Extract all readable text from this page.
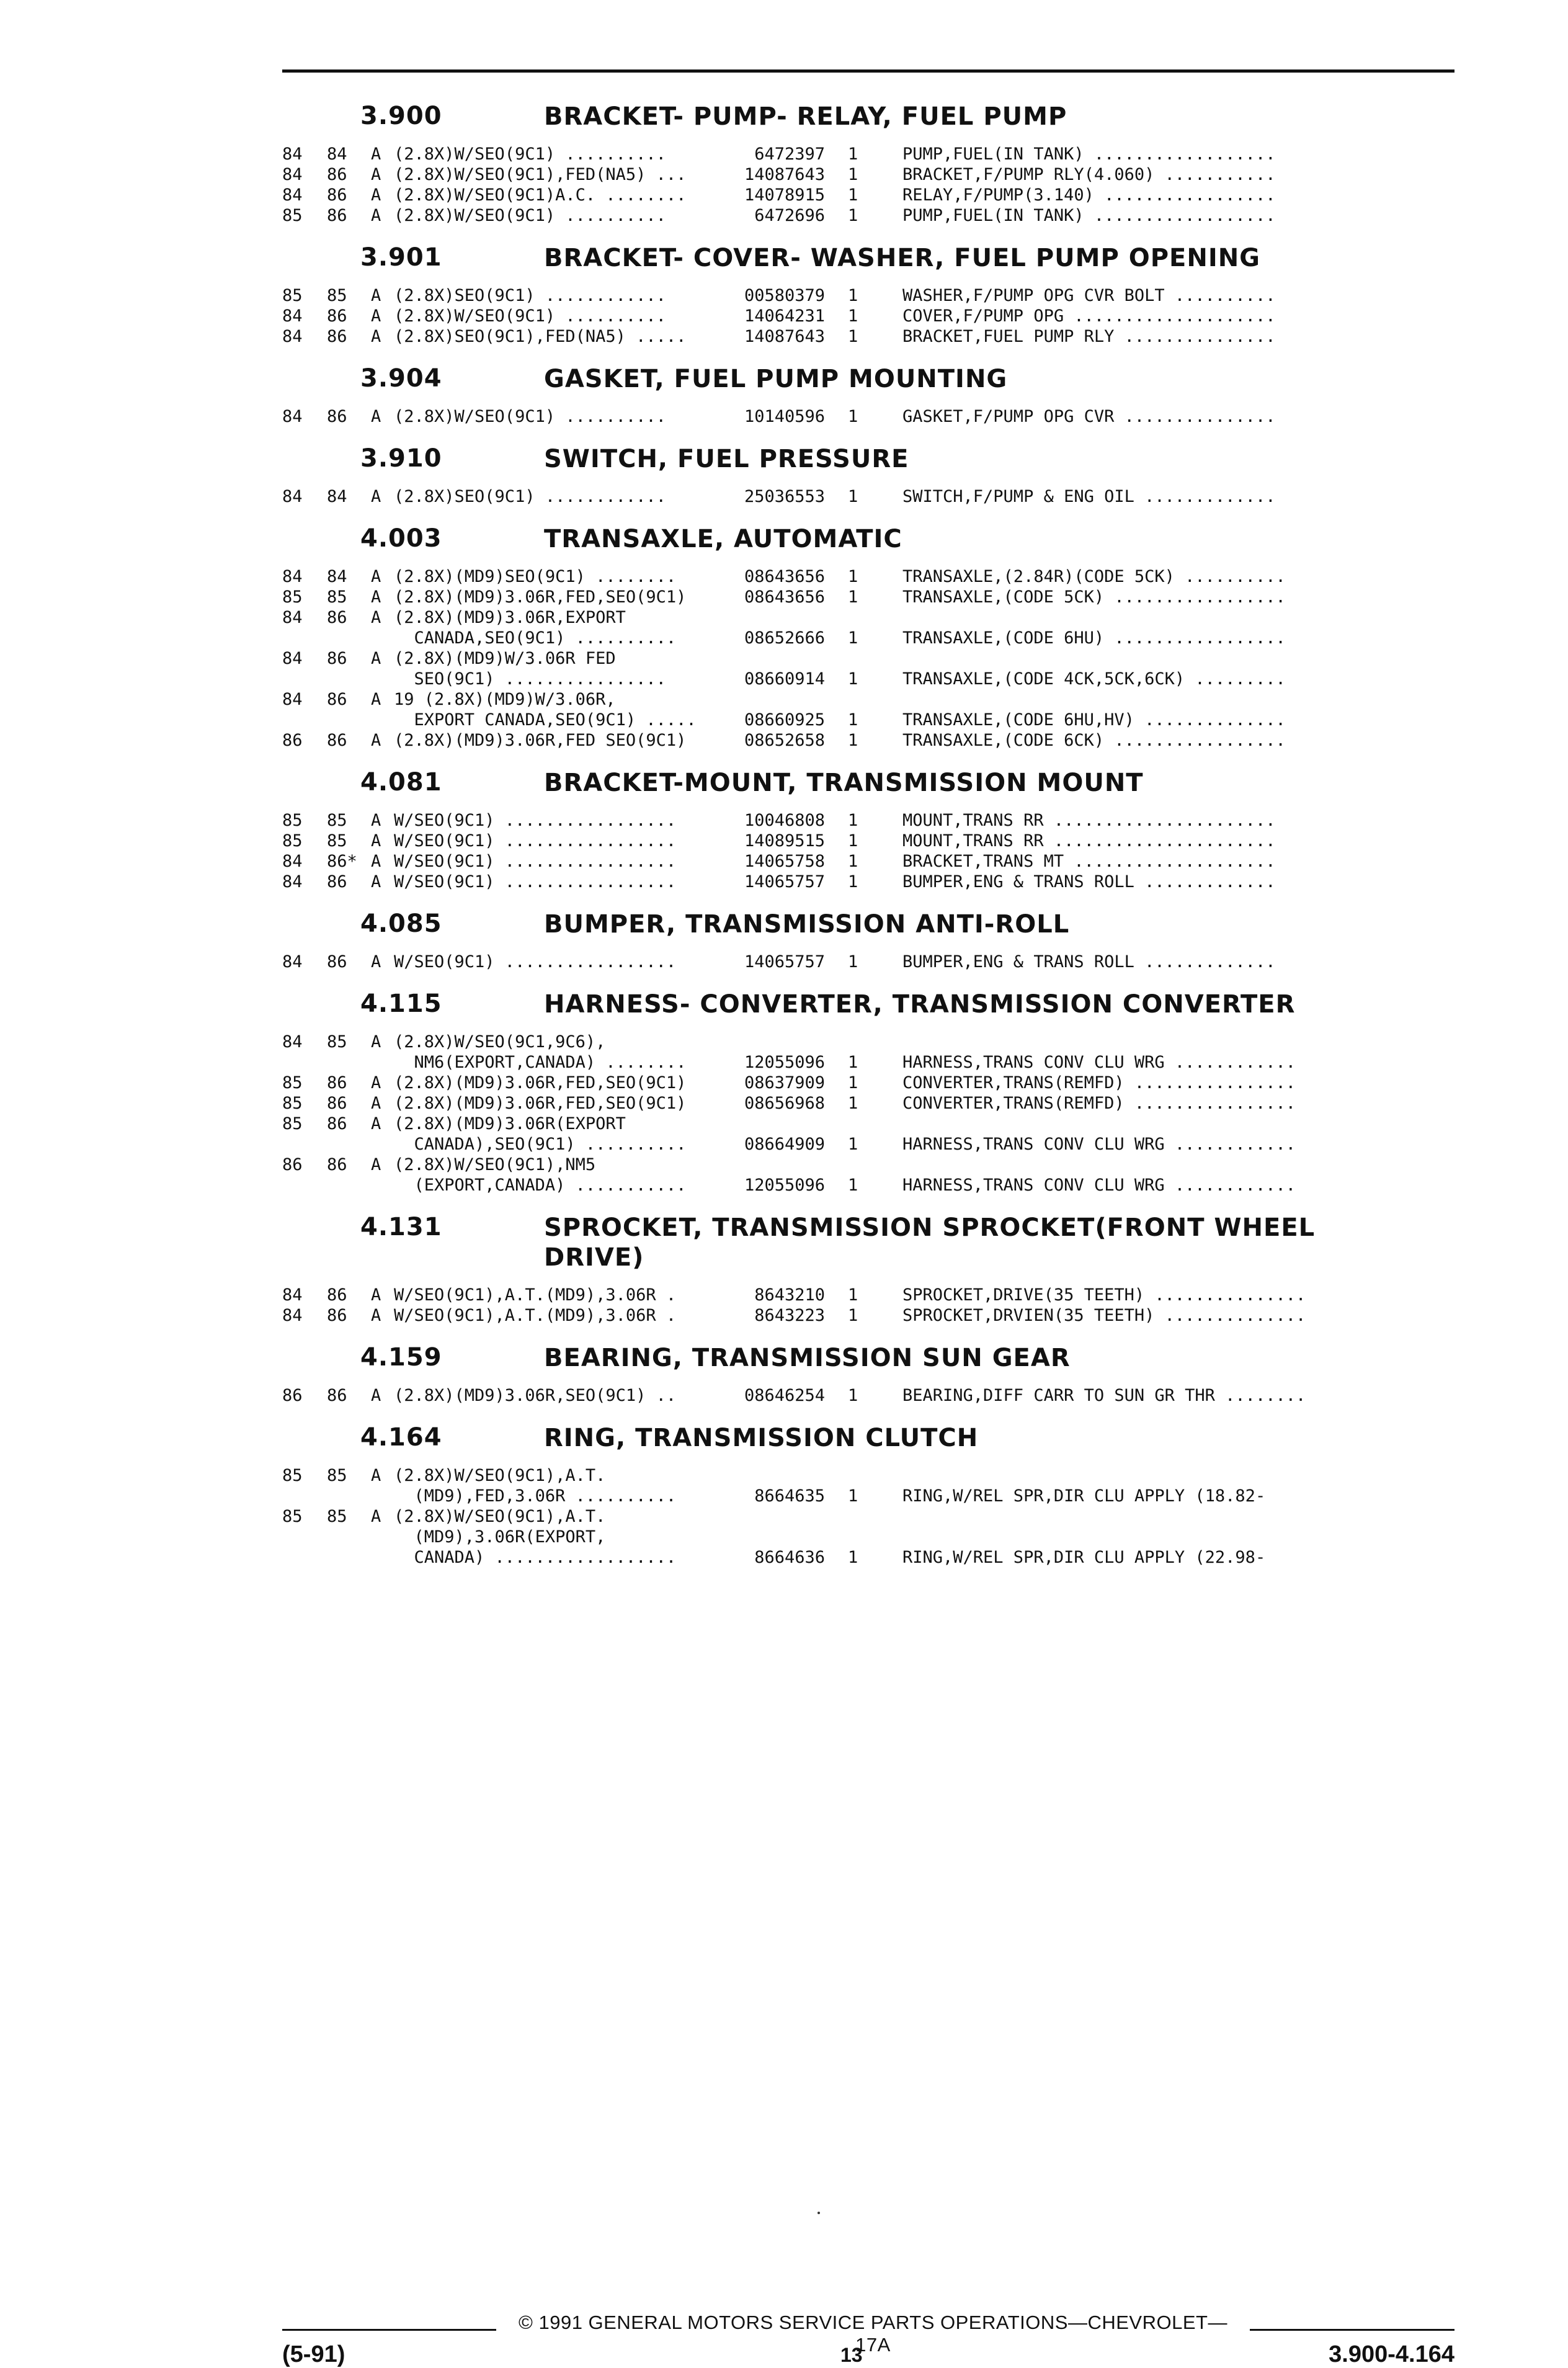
3.900	BRACKET- PUMP- RELAY, FUEL PUMP
84 84 A (2.8X)W/SEO(9C1) ..........	6472397 1	PUMP,FUEL(IN TANK) ..................
84 86 A (2.8X)W/SEO(9C1),FED(NA5) ...	14087643 1	BRACKET,F/PUMP RLY(4.060) ...........
84 86 A (2.8X)W/SEO(9C1)A.C. ........	14078915 1	RELAY,F/PUMP(3.140) .................
85 86 A (2.8X)W/SEO(9C1) ..........	6472696 1	PUMP,FUEL(IN TANK) ..................
3.901	BRACKET- COVER- WASHER, FUEL PUMP OPENING
85 85 A (2.8X)SEO(9C1) ............	00580379 1	WASHER,F/PUMP OPG CVR BOLT ..........
84 86 A (2.8X)W/SEO(9C1) ..........	14064231 1	COVER,F/PUMP OPG ....................
84 86 A (2.8X)SEO(9C1),FED(NA5) .....	14087643 1	BRACKET,FUEL PUMP RLY ...............
3.904	GASKET, FUEL PUMP MOUNTING
84 86 A (2.8X)W/SEO(9C1) ..........	10140596 1	GASKET,F/PUMP OPG CVR ...............
3.910	SWITCH, FUEL PRESSURE
84 84 A (2.8X)SEO(9C1) ............	25036553 1	SWITCH,F/PUMP & ENG OIL .............
4.003	TRANSAXLE, AUTOMATIC
84 84 A (2.8X)(MD9)SEO(9C1) ........	08643656 1	TRANSAXLE,(2.84R)(CODE 5CK) ..........
85 85 A (2.8X)(MD9)3.06R,FED,SEO(9C1)	08643656 1	TRANSAXLE,(CODE 5CK) .................
84 86 A (2.8X)(MD9)3.06R,EXPORT
CANADA,SEO(9C1) ..........	08652666 1	TRANSAXLE,(CODE 6HU) .................
84 86 A (2.8X)(MD9)W/3.06R FED
SEO(9C1) ................	08660914 1	TRANSAXLE,(CODE 4CK,5CK,6CK) .........
84 86 A 19 (2.8X)(MD9)W/3.06R,
EXPORT CANADA,SEO(9C1) .....	08660925 1	TRANSAXLE,(CODE 6HU,HV) ..............
86 86 A (2.8X)(MD9)3.06R,FED SEO(9C1)	08652658 1	TRANSAXLE,(CODE 6CK) .................
4.081	BRACKET-MOUNT, TRANSMISSION MOUNT
85 85 A W/SEO(9C1) .................	10046808 1	MOUNT,TRANS RR ......................
85 85 A W/SEO(9C1) .................	14089515 1	MOUNT,TRANS RR ......................
84 86* A W/SEO(9C1) .................	14065758 1	BRACKET,TRANS MT ....................
84 86 A W/SEO(9C1) .................	14065757 1	BUMPER,ENG & TRANS ROLL .............
4.085	BUMPER, TRANSMISSION ANTI-ROLL
84 86 A W/SEO(9C1) .................	14065757 1	BUMPER,ENG & TRANS ROLL .............
4.115	HARNESS- CONVERTER, TRANSMISSION CONVERTER
84 85 A (2.8X)W/SEO(9C1,9C6),
NM6(EXPORT,CANADA) ........	12055096 1	HARNESS,TRANS CONV CLU WRG ............
85 86 A (2.8X)(MD9)3.06R,FED,SEO(9C1)	08637909 1	CONVERTER,TRANS(REMFD) ................
85 86 A (2.8X)(MD9)3.06R,FED,SEO(9C1)	08656968 1	CONVERTER,TRANS(REMFD) ................
85 86 A (2.8X)(MD9)3.06R(EXPORT
CANADA),SEO(9C1) ..........	08664909 1	HARNESS,TRANS CONV CLU WRG ............
86 86 A (2.8X)W/SEO(9C1),NM5
(EXPORT,CANADA) ...........	12055096 1	HARNESS,TRANS CONV CLU WRG ............
4.131	SPROCKET, TRANSMISSION SPROCKET(FRONT WHEEL DRIVE)
84 86 A W/SEO(9C1),A.T.(MD9),3.06R .	8643210 1	SPROCKET,DRIVE(35 TEETH) ...............
84 86 A W/SEO(9C1),A.T.(MD9),3.06R .	8643223 1	SPROCKET,DRVIEN(35 TEETH) ..............
4.159	BEARING, TRANSMISSION SUN GEAR
86 86 A (2.8X)(MD9)3.06R,SEO(9C1) ..	08646254 1	BEARING,DIFF CARR TO SUN GR THR ........
4.164	RING, TRANSMISSION CLUTCH
85 85 A (2.8X)W/SEO(9C1),A.T.
(MD9),FED,3.06R ..........	8664635 1	RING,W/REL SPR,DIR CLU APPLY (18.82-
85 85 A (2.8X)W/SEO(9C1),A.T.
(MD9),3.06R(EXPORT,
CANADA) ..................	8664636 1	RING,W/REL SPR,DIR CLU APPLY (22.98-
© 1991 GENERAL MOTORS SERVICE PARTS OPERATIONS—CHEVROLET—17A
(5-91)	13	3.900-4.164
